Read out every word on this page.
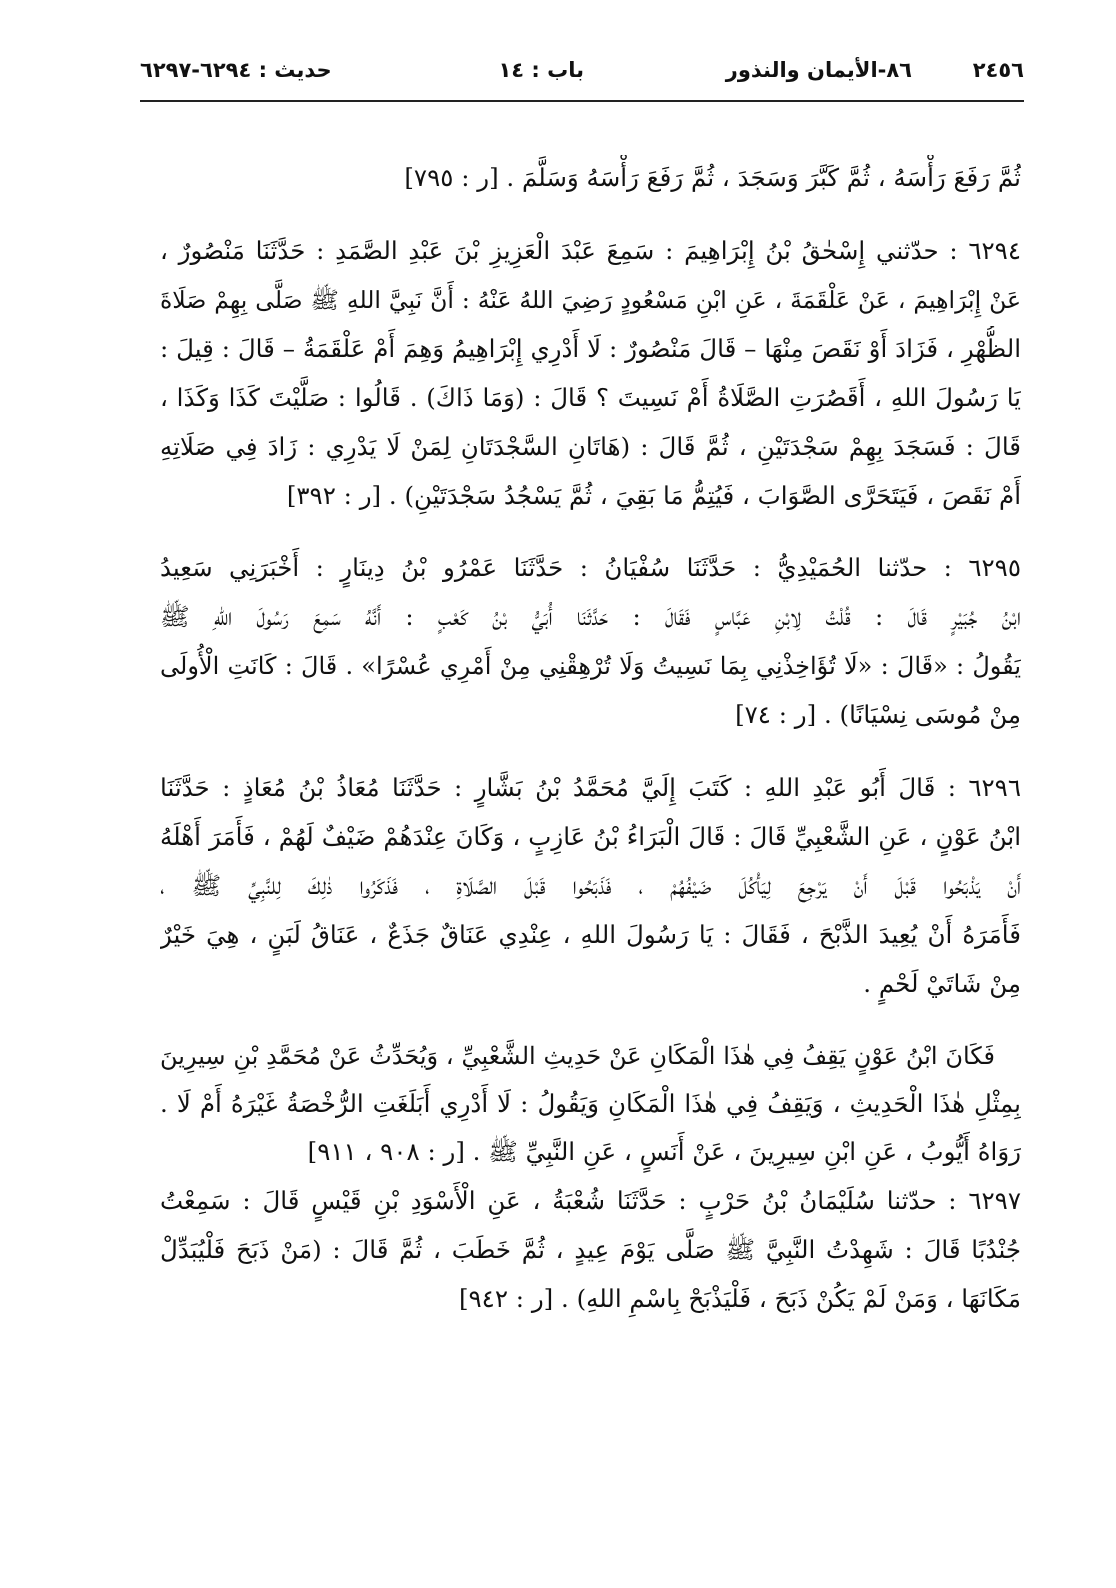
٢٤٥٦
٨٦-الأيمان والنذور
باب : ١٤
حديث : ٦٢٩٤-٦٢٩٧
ثُمَّ رَفَعَ رَأْسَهُ ، ثُمَّ كَبَّرَ وَسَجَدَ ، ثُمَّ رَفَعَ رَأْسَهُ وَسَلَّمَ . [ر : ٧٩٥]
٦٢٩٤ : حدّثني إِسْحٰقُ بْنُ إِبْرَاهِيمَ : سَمِعَ عَبْدَ الْعَزِيزِ بْنَ عَبْدِ الصَّمَدِ : حَدَّثَنَا مَنْصُورٌ ،
عَنْ إِبْرَاهِيمَ ، عَنْ عَلْقَمَةَ ، عَنِ ابْنِ مَسْعُودٍ رَضِيَ اللهُ عَنْهُ : أَنَّ نَبِيَّ اللهِ ﷺ صَلَّى بِهِمْ صَلَاةَ
الظُّهْرِ ، فَزَادَ أَوْ نَقَصَ مِنْهَا – قَالَ مَنْصُورٌ : لَا أَدْرِي إِبْرَاهِيمُ وَهِمَ أَمْ عَلْقَمَةُ – قَالَ : قِيلَ :
يَا رَسُولَ اللهِ ، أَقَصُرَتِ الصَّلَاةُ أَمْ نَسِيتَ ؟ قَالَ : (وَمَا ذَاكَ) . قَالُوا : صَلَّيْتَ كَذَا وَكَذَا ،
قَالَ : فَسَجَدَ بِهِمْ سَجْدَتَيْنِ ، ثُمَّ قَالَ : (هَاتَانِ السَّجْدَتَانِ لِمَنْ لَا يَدْرِي : زَادَ فِي صَلَاتِهِ
أَمْ نَقَصَ ، فَيَتَحَرَّى الصَّوَابَ ، فَيُتِمُّ مَا بَقِيَ ، ثُمَّ يَسْجُدُ سَجْدَتَيْنِ) . [ر : ٣٩٢]
٦٢٩٥ : حدّثنا الحُمَيْدِيُّ : حَدَّثَنَا سُفْيَانُ : حَدَّثَنَا عَمْرُو بْنُ دِينَارٍ : أَخْبَرَنِي سَعِيدُ
ابْنُ جُبَيْرٍ قَالَ : قُلْتُ لِابْنِ عَبَّاسٍ فَقَالَ : حَدَّثَنَا أُبَيُّ بْنُ كَعْبٍ : أَنَّهُ سَمِعَ رَسُولَ اللهِ ﷺ
يَقُولُ : «قَالَ : «لَا تُؤَاخِذْنِي بِمَا نَسِيتُ وَلَا تُرْهِقْنِي مِنْ أَمْرِي عُسْرًا» . قَالَ : كَانَتِ الْأُولَى
مِنْ مُوسَى نِسْيَانًا) . [ر : ٧٤]
٦٢٩٦ : قَالَ أَبُو عَبْدِ اللهِ : كَتَبَ إِلَيَّ مُحَمَّدُ بْنُ بَشَّارٍ : حَدَّثَنَا مُعَاذُ بْنُ مُعَاذٍ : حَدَّثَنَا
ابْنُ عَوْنٍ ، عَنِ الشَّعْبِيِّ قَالَ : قَالَ الْبَرَاءُ بْنُ عَازِبٍ ، وَكَانَ عِنْدَهُمْ ضَيْفٌ لَهُمْ ، فَأَمَرَ أَهْلَهُ
أَنْ يَذْبَحُوا قَبْلَ أَنْ يَرْجِعَ لِيَأْكُلَ ضَيْفُهُمْ ، فَذَبَحُوا قَبْلَ الصَّلَاةِ ، فَذَكَرُوا ذٰلِكَ لِلنَّبِيِّ ﷺ ،
فَأَمَرَهُ أَنْ يُعِيدَ الذَّبْحَ ، فَقَالَ : يَا رَسُولَ اللهِ ، عِنْدِي عَنَاقٌ جَذَعٌ ، عَنَاقُ لَبَنٍ ، هِيَ خَيْرٌ
مِنْ شَاتَيْ لَحْمٍ .
فَكَانَ ابْنُ عَوْنٍ يَقِفُ فِي هٰذَا الْمَكَانِ عَنْ حَدِيثِ الشَّعْبِيِّ ، وَيُحَدِّثُ عَنْ مُحَمَّدِ بْنِ سِيرِينَ
بِمِثْلِ هٰذَا الْحَدِيثِ ، وَيَقِفُ فِي هٰذَا الْمَكَانِ وَيَقُولُ : لَا أَدْرِي أَبَلَغَتِ الرُّخْصَةُ غَيْرَهُ أَمْ لَا .
رَوَاهُ أَيُّوبُ ، عَنِ ابْنِ سِيرِينَ ، عَنْ أَنَسٍ ، عَنِ النَّبِيِّ ﷺ . [ر : ٩٠٨ ، ٩١١]
٦٢٩٧ : حدّثنا سُلَيْمَانُ بْنُ حَرْبٍ : حَدَّثَنَا شُعْبَةُ ، عَنِ الْأَسْوَدِ بْنِ قَيْسٍ قَالَ : سَمِعْتُ
جُنْدُبًا قَالَ : شَهِدْتُ النَّبِيَّ ﷺ صَلَّى يَوْمَ عِيدٍ ، ثُمَّ خَطَبَ ، ثُمَّ قَالَ : (مَنْ ذَبَحَ فَلْيُبَدِّلْ
مَكَانَهَا ، وَمَنْ لَمْ يَكُنْ ذَبَحَ ، فَلْيَذْبَحْ بِاسْمِ اللهِ) . [ر : ٩٤٢]
